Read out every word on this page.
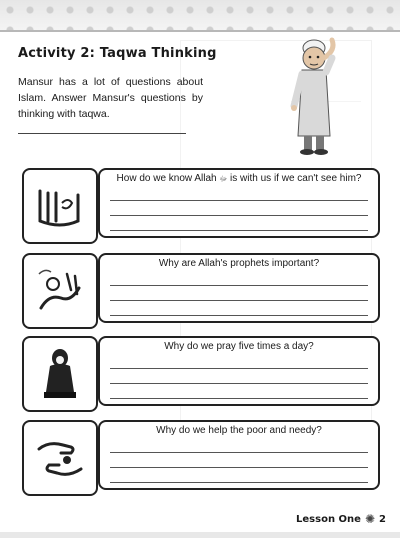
Activity 2: Taqwa Thinking
Mansur has a lot of questions about Islam. Answer Mansur's questions by thinking with taqwa.
How do we know Allah ﷻ is with us if we can't see him?
Why are Allah's prophets important?
Why do we pray five times a day?
Why do we help the poor and needy?
Lesson One ✺ 2
